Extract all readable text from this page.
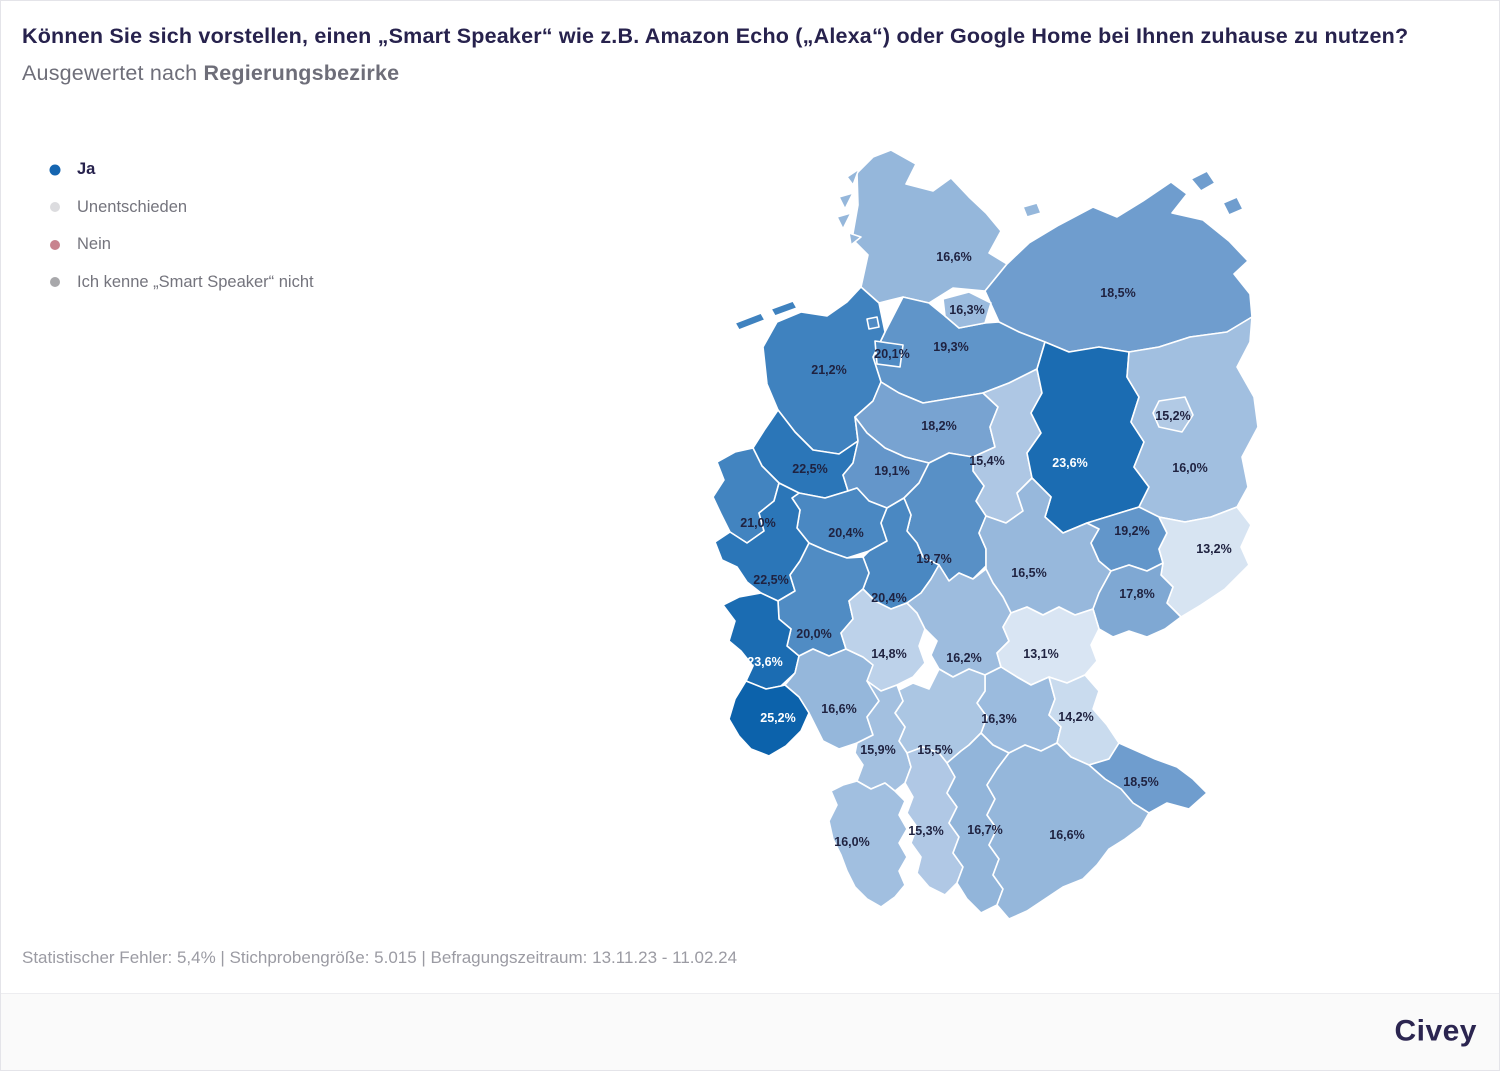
Können Sie sich vorstellen, einen „Smart Speaker“ wie z.B. Amazon Echo („Alexa“) oder Google Home bei Ihnen zuhause zu nutzen? Ausgewertet nach Regierungsbezirke
Ja
Unentschieden
Nein
Ich kenne „Smart Speaker“ nicht
16,6%
16,3%
18,5%
21,2%
20,1% 19,3%
18,2%
15,4%	23,6%
15,2%
16,0%
22,5%	19,1%
21,0%
20,4%
22,5%
19,7%
20,4%
20,0%
23,6%
16,6%
25,2%
14,8%
16,5%
19,2%
13,2%
17,8%
16,2%	13,1%
16,3%	14,2%
18,5%
15,5%
15,9%
16,0%
15,3% 16,7%	16,6%
Statistischer Fehler: 5,4% | Stichprobengröße: 5.015 | Befragungszeitraum: 13.11.23 - 11.02.24
Civey
